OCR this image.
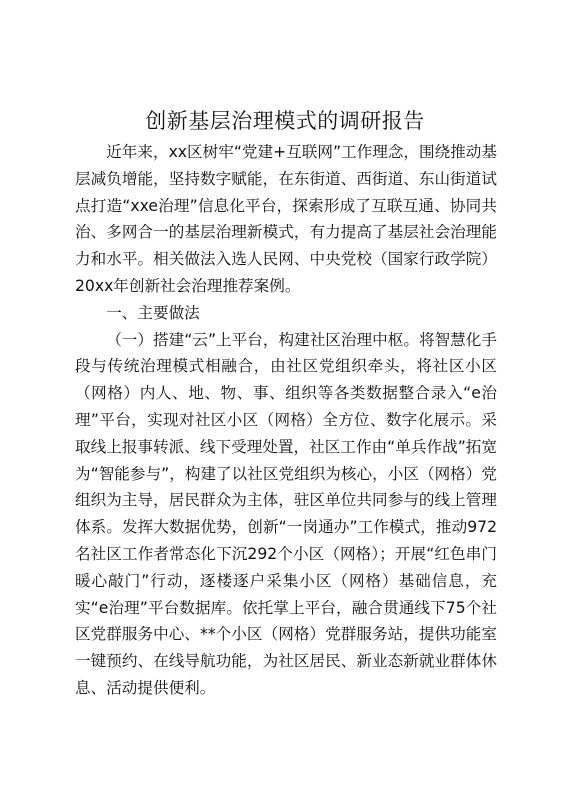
创新基层治理模式的调研报告

近年来，xx区树牢“党建+互联网”工作理念，围绕推动基层减负增能，坚持数字赋能，在东街道、西街道、东山街道试点打造“xxe治理”信息化平台，探索形成了互联互通、协同共治、多网合一的基层治理新模式，有力提高了基层社会治理能力和水平。相关做法入选人民网、中央党校（国家行政学院）20xx年创新社会治理推荐案例。

一、主要做法

（一）搭建“云”上平台，构建社区治理中枢。将智慧化手段与传统治理模式相融合，由社区党组织牵头，将社区小区（网格）内人、地、物、事、组织等各类数据整合录入“e治理”平台，实现对社区小区（网格）全方位、数字化展示。采取线上报事转派、线下受理处置，社区工作由“单兵作战”拓宽为“智能参与”，构建了以社区党组织为核心，小区（网格）党组织为主导，居民群众为主体，驻区单位共同参与的线上管理体系。发挥大数据优势，创新“一岗通办”工作模式，推动972名社区工作者常态化下沉292个小区（网格）；开展“红色串门暖心敲门”行动，逐楼逐户采集小区（网格）基础信息，充实“e治理”平台数据库。依托掌上平台，融合贯通线下75个社区党群服务中心、**个小区（网格）党群服务站，提供功能室一键预约、在线导航功能，为社区居民、新业态新就业群体休息、活动提供便利。
